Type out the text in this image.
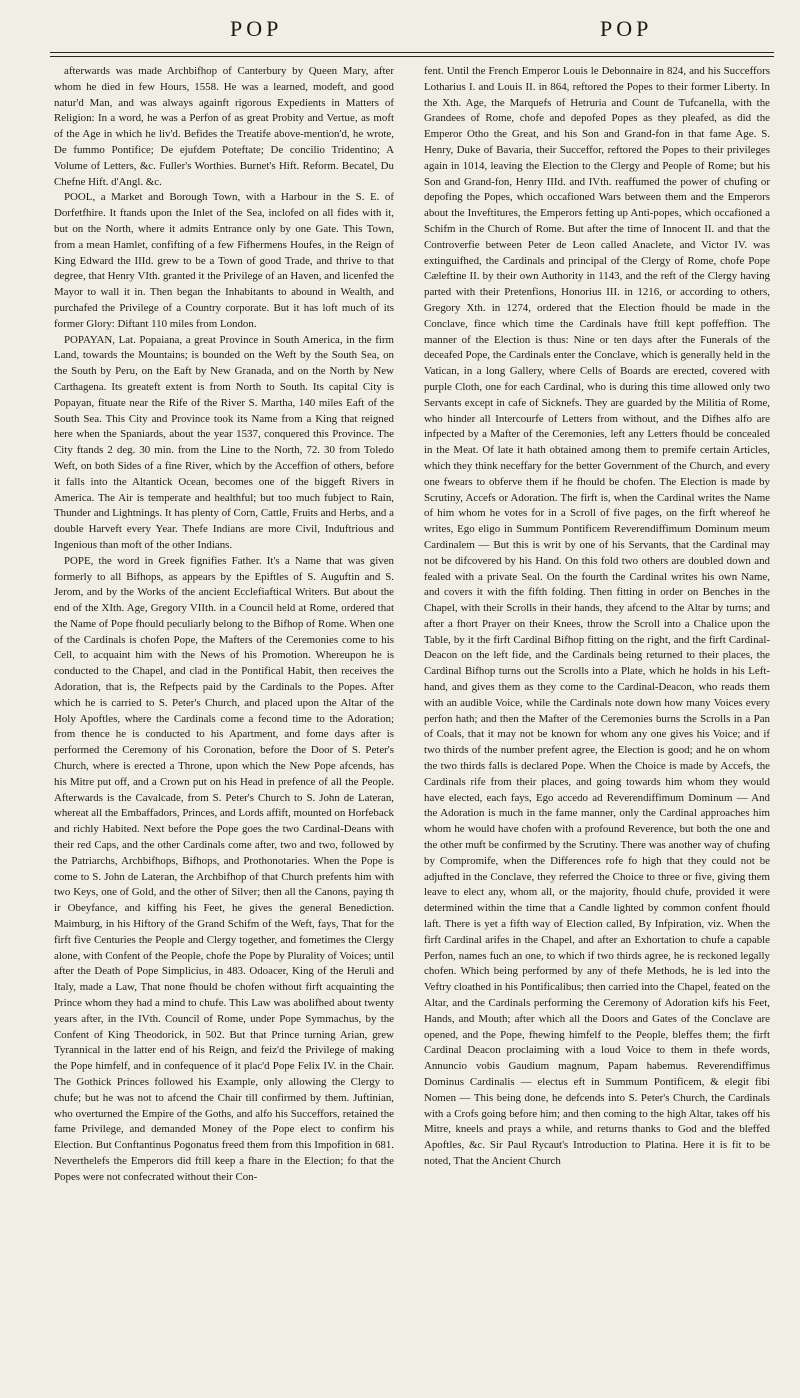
POP	POP

afterwards was made Archbifhop of Canterbury by Queen Mary, after whom he died in few Hours, 1558. He was a learned, modeft, and good natur'd Man, and was always againft rigorous Expedients in Matters of Religion: In a word, he was a Perfon of as great Probity and Vertue, as moft of the Age in which he liv'd. Befides the Treatife above-mention'd, he wrote, De fummo Pontifice; De ejufdem Poteftate; De concilio Tridentino; A Volume of Letters, &c. Fuller's Worthies. Burnet's Hift. Reform. Becatel, Du Chefne Hift. d'Angl. &c.

POOL, a Market and Borough Town, with a Harbour in the S. E. of Dorfetfhire. It ftands upon the Inlet of the Sea, inclofed on all fides with it, but on the North, where it admits Entrance only by one Gate. This Town, from a mean Hamlet, confifting of a few Fifhermens Houfes, in the Reign of King Edward the IIId. grew to be a Town of good Trade, and thrive to that degree, that Henry VIth. granted it the Privilege of an Haven, and licenfed the Mayor to wall it in. Then began the Inhabitants to abound in Wealth, and purchafed the Privilege of a Country corporate. But it has loft much of its former Glory: Diftant 110 miles from London.

POPAYAN, Lat. Popaiana, a great Province in South America, in the firm Land, towards the Mountains; is bounded on the Weft by the South Sea, on the South by Peru, on the Eaft by New Granada, and on the North by New Carthagena. Its greateft extent is from North to South. Its capital City is Popayan, fituate near the Rife of the River S. Martha, 140 miles Eaft of the South Sea. This City and Province took its Name from a King that reigned here when the Spaniards, about the year 1537, conquered this Province. The City ftands 2 deg. 30 min. from the Line to the North, 72. 30 from Toledo Weft, on both Sides of a fine River, which by the Acceffion of others, before it falls into the Altantick Ocean, becomes one of the biggeft Rivers in America. The Air is temperate and healthful; but too much fubject to Rain, Thunder and Lightnings. It has plenty of Corn, Cattle, Fruits and Herbs, and a double Harveft every Year. Thefe Indians are more Civil, Induftrious and Ingenious than moft of the other Indians.

POPE, the word in Greek fignifies Father. It's a Name that was given formerly to all Bifhops, as appears by the Epiftles of S. Auguftin and S. Jerom, and by the Works of the ancient Ecclefiaftical Writers. But about the end of the XIth. Age, Gregory VIIth. in a Council held at Rome, ordered that the Name of Pope fhould peculiarly belong to the Bifhop of Rome. When one of the Cardinals is chofen Pope, the Mafters of the Ceremonies come to his Cell, to acquaint him with the News of his Promotion. Whereupon he is conducted to the Chapel, and clad in the Pontifical Habit, then receives the Adoration, that is, the Refpects paid by the Cardinals to the Popes. After which he is carried to S. Peter's Church, and placed upon the Altar of the Holy Apoftles, where the Cardinals come a fecond time to the Adoration; from thence he is conducted to his Apartment, and fome days after is performed the Ceremony of his Coronation, before the Door of S. Peter's Church, where is erected a Throne, upon which the New Pope afcends, has his Mitre put off, and a Crown put on his Head in prefence of all the People. Afterwards is the Cavalcade, from S. Peter's Church to S. John de Lateran, whereat all the Embaffadors, Princes, and Lords affift, mounted on Horfeback and richly Habited. Next before the Pope goes the two Cardinal-Deans with their red Caps, and the other Cardinals come after, two and two, followed by the Patriarchs, Archbifhops, Bifhops, and Prothonotaries. When the Pope is come to S. John de Lateran, the Archbifhop of that Church prefents him with two Keys, one of Gold, and the other of Silver; then all the Canons, paying th ir Obeyfance, and kiffing his Feet, he gives the general Benediction. Maimburg, in his Hiftory of the Grand Schifm of the Weft, fays, That for the firft five Centuries the People and Clergy together, and fometimes the Clergy alone, with Confent of the People, chofe the Pope by Plurality of Voices; until after the Death of Pope Simplicius, in 483. Odoacer, King of the Heruli and Italy, made a Law, That none fhould be chofen without firft acquainting the Prince whom they had a mind to chufe. This Law was abolifhed about twenty years after, in the IVth. Council of Rome, under Pope Symmachus, by the Confent of King Theodorick, in 502. But that Prince turning Arian, grew Tyrannical in the latter end of his Reign, and feiz'd the Privilege of making the Pope himfelf, and in confequence of it plac'd Pope Felix IV. in the Chair. The Gothick Princes followed his Example, only allowing the Clergy to chufe; but he was not to afcend the Chair till confirmed by them. Juftinian, who overturned the Empire of the Goths, and alfo his Succeffors, retained the fame Privilege, and demanded Money of the Pope elect to confirm his Election. But Conftantinus Pogonatus freed them from this Impofition in 681. Neverthelefs the Emperors did ftill keep a fhare in the Election; fo that the Popes were not confecrated without their Con-

fent. Until the French Emperor Louis le Debonnaire in 824, and his Succeffors Lotharius I. and Louis II. in 864, reftored the Popes to their former Liberty. In the Xth. Age, the Marquefs of Hetruria and Count de Tufcanella, with the Grandees of Rome, chofe and depofed Popes as they pleafed, as did the Emperor Otho the Great, and his Son and Grand-fon in that fame Age. S. Henry, Duke of Bavaria, their Succeffor, reftored the Popes to their privileges again in 1014, leaving the Election to the Clergy and People of Rome; but his Son and Grand-fon, Henry IIId. and IVth. reaffumed the power of chufing or depofing the Popes, which occafioned Wars between them and the Emperors about the Inveftitures, the Emperors fetting up Anti-popes, which occafioned a Schifm in the Church of Rome. But after the time of Innocent II. and that the Controverfie between Peter de Leon called Anaclete, and Victor IV. was extinguifhed, the Cardinals and principal of the Clergy of Rome, chofe Pope Cæleftine II. by their own Authority in 1143, and the reft of the Clergy having parted with their Pretenfions, Honorius III. in 1216, or according to others, Gregory Xth. in 1274, ordered that the Election fhould be made in the Conclave, fince which time the Cardinals have ftill kept poffeffion. The manner of the Election is thus: Nine or ten days after the Funerals of the deceafed Pope, the Cardinals enter the Conclave, which is generally held in the Vatican, in a long Gallery, where Cells of Boards are erected, covered with purple Cloth, one for each Cardinal, who is during this time allowed only two Servants except in cafe of Sicknefs. They are guarded by the Militia of Rome, who hinder all Intercourfe of Letters from without, and the Difhes alfo are infpected by a Mafter of the Ceremonies, left any Letters fhould be concealed in the Meat. Of late it hath obtained among them to premife certain Articles, which they think neceffary for the better Government of the Church, and every one fwears to obferve them if he fhould be chofen. The Election is made by Scrutiny, Accefs or Adoration. The firft is, when the Cardinal writes the Name of him whom he votes for in a Scroll of five pages, on the firft whereof he writes, Ego eligo in Summum Pontificem Reverendiffimum Dominum meum Cardinalem — But this is writ by one of his Servants, that the Cardinal may not be difcovered by his Hand. On this fold two others are doubled down and fealed with a private Seal. On the fourth the Cardinal writes his own Name, and covers it with the fifth folding. Then fitting in order on Benches in the Chapel, with their Scrolls in their hands, they afcend to the Altar by turns; and after a fhort Prayer on their Knees, throw the Scroll into a Chalice upon the Table, by it the firft Cardinal Bifhop fitting on the right, and the firft Cardinal-Deacon on the left fide, and the Cardinals being returned to their places, the Cardinal Bifhop turns out the Scrolls into a Plate, which he holds in his Left-hand, and gives them as they come to the Cardinal-Deacon, who reads them with an audible Voice, while the Cardinals note down how many Voices every perfon hath; and then the Mafter of the Ceremonies burns the Scrolls in a Pan of Coals, that it may not be known for whom any one gives his Voice; and if two thirds of the number prefent agree, the Election is good; and he on whom the two thirds falls is declared Pope. When the Choice is made by Accefs, the Cardinals rife from their places, and going towards him whom they would have elected, each fays, Ego accedo ad Reverendiffimum Dominum — And the Adoration is much in the fame manner, only the Cardinal approaches him whom he would have chofen with a profound Reverence, but both the one and the other muft be confirmed by the Scrutiny. There was another way of chufing by Compromife, when the Differences rofe fo high that they could not be adjufted in the Conclave, they referred the Choice to three or five, giving them leave to elect any, whom all, or the majority, fhould chufe, provided it were determined within the time that a Candle lighted by common confent fhould laft. There is yet a fifth way of Election called, By Infpiration, viz. When the firft Cardinal arifes in the Chapel, and after an Exhortation to chufe a capable Perfon, names fuch an one, to which if two thirds agree, he is reckoned legally chofen. Which being performed by any of thefe Methods, he is led into the Veftry cloathed in his Pontificalibus; then carried into the Chapel, feated on the Altar, and the Cardinals performing the Ceremony of Adoration kifs his Feet, Hands, and Mouth; after which all the Doors and Gates of the Conclave are opened, and the Pope, fhewing himfelf to the People, bleffes them; the firft Cardinal Deacon proclaiming with a loud Voice to them in thefe words, Annuncio vobis Gaudium magnum, Papam habemus. Reverendiffimus Dominus Cardinalis — electus eft in Summum Pontificem, & elegit fibi Nomen — This being done, he defcends into S. Peter's Church, the Cardinals with a Crofs going before him; and then coming to the high Altar, takes off his Mitre, kneels and prays a while, and returns thanks to God and the bleffed Apoftles, &c. Sir Paul Rycaut's Introduction to Platina. Here it is fit to be noted, That the Ancient Church
